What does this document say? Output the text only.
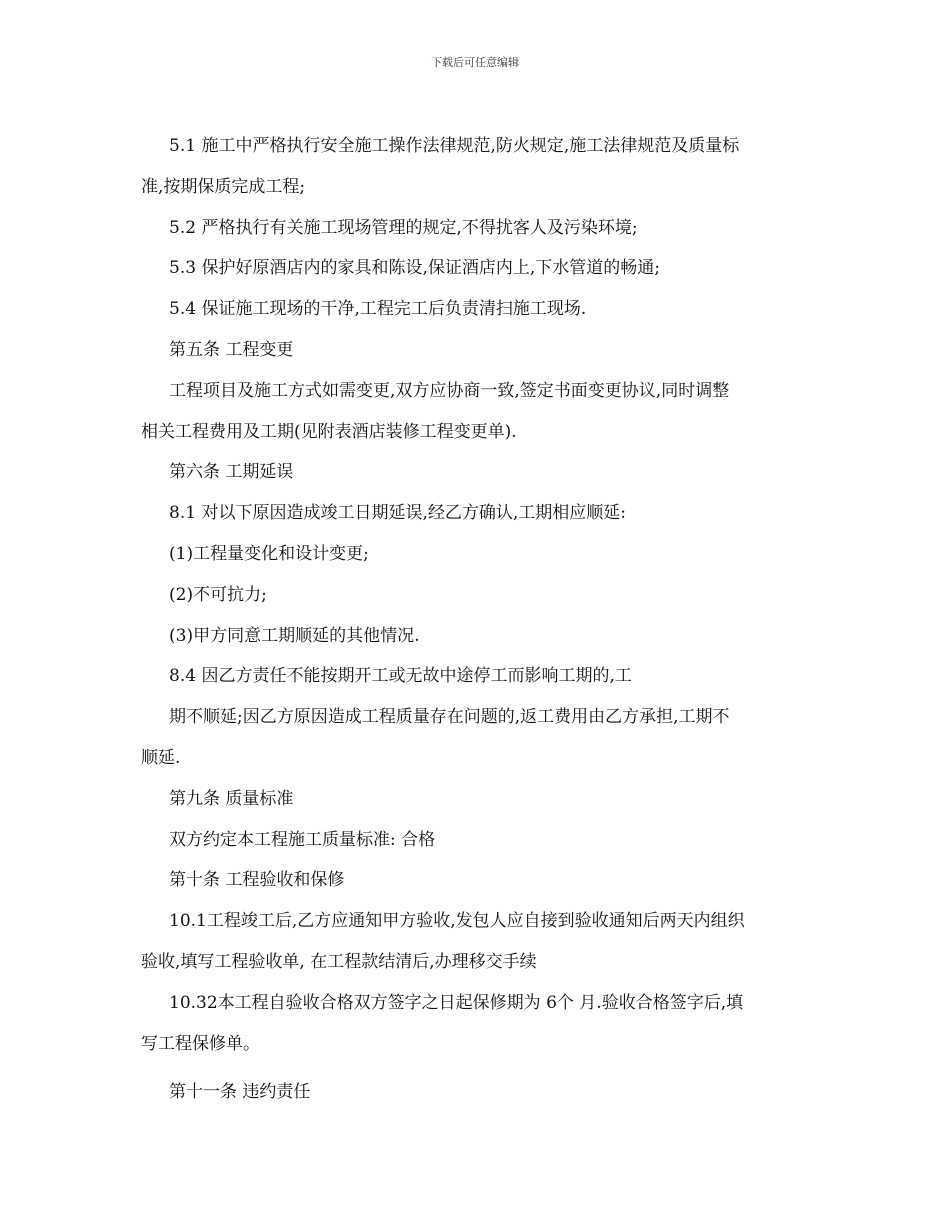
下载后可任意编辑
5.1 施工中严格执行安全施工操作法律规范,防火规定,施工法律规范及质量标
准,按期保质完成工程;
5.2 严格执行有关施工现场管理的规定,不得扰客人及污染环境;
5.3 保护好原酒店内的家具和陈设,保证酒店内上,下水管道的畅通;
5.4 保证施工现场的干净,工程完工后负责清扫施工现场.
第五条 工程变更
工程项目及施工方式如需变更,双方应协商一致,签定书面变更协议,同时调整
相关工程费用及工期(见附表酒店装修工程变更单).
第六条 工期延误
8.1 对以下原因造成竣工日期延误,经乙方确认,工期相应顺延:
(1)工程量变化和设计变更;
(2)不可抗力;
(3)甲方同意工期顺延的其他情况.
8.4 因乙方责任不能按期开工或无故中途停工而影响工期的,工
期不顺延;因乙方原因造成工程质量存在问题的,返工费用由乙方承担,工期不
顺延.
第九条 质量标准
双方约定本工程施工质量标准: 合格
第十条 工程验收和保修
10.1工程竣工后,乙方应通知甲方验收,发包人应自接到验收通知后两天内组织
验收,填写工程验收单, 在工程款结清后,办理移交手续
10.32本工程自验收合格双方签字之日起保修期为 6个 月.验收合格签字后,填
写工程保修单。
第十一条 违约责任
